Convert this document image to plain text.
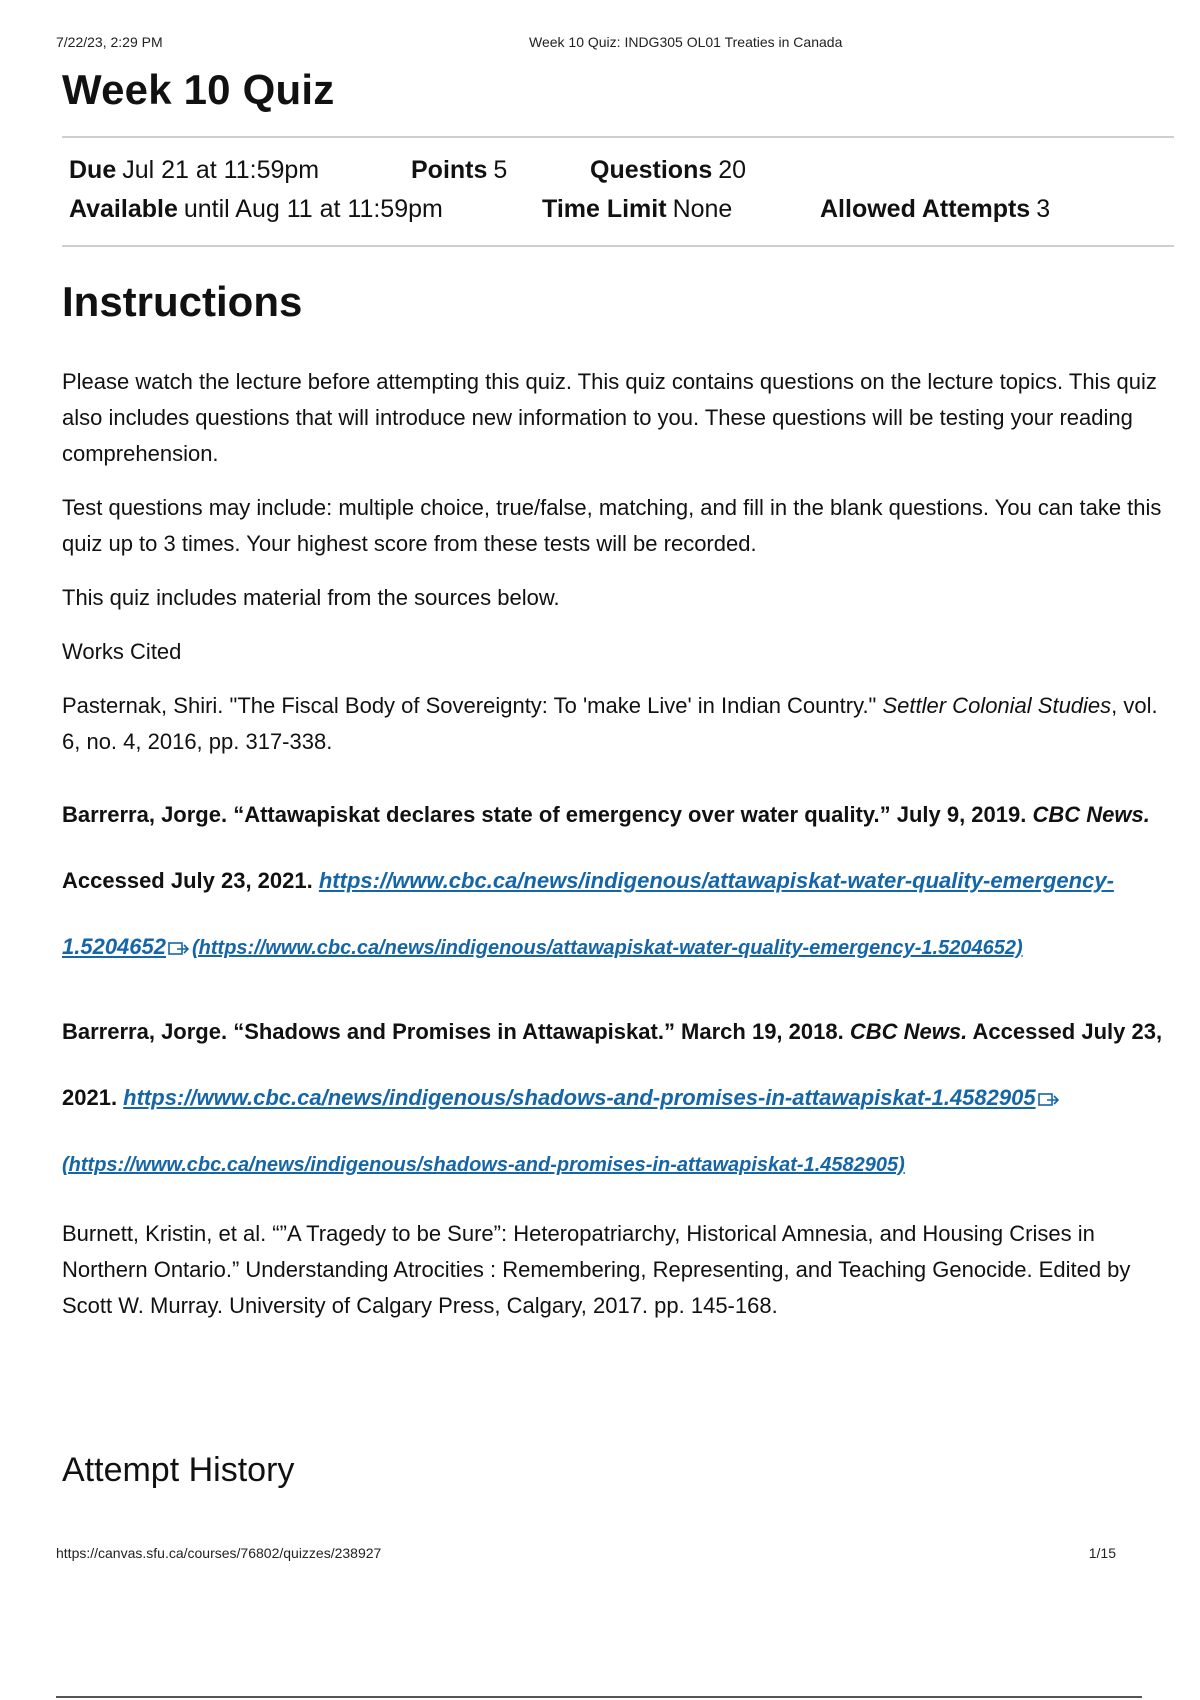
7/22/23, 2:29 PM	Week 10 Quiz: INDG305 OL01 Treaties in Canada
Week 10 Quiz
Due Jul 21 at 11:59pm	Points 5	Questions 20
Available until Aug 11 at 11:59pm	Time Limit None	Allowed Attempts 3
Instructions

Please watch the lecture before attempting this quiz. This quiz contains questions on the lecture topics. This quiz also includes questions that will introduce new information to you. These questions will be testing your reading comprehension.

Test questions may include: multiple choice, true/false, matching, and fill in the blank questions. You can take this quiz up to 3 times. Your highest score from these tests will be recorded.

This quiz includes material from the sources below.

Works Cited

Pasternak, Shiri. "The Fiscal Body of Sovereignty: To 'make Live' in Indian Country." Settler Colonial Studies, vol. 6, no. 4, 2016, pp. 317-338.

Barrerra, Jorge. “Attawapiskat declares state of emergency over water quality.” July 9, 2019. CBC News. Accessed July 23, 2021. https://www.cbc.ca/news/indigenous/attawapiskat-water-quality-emergency-1.5204652 (https://www.cbc.ca/news/indigenous/attawapiskat-water-quality-emergency-1.5204652)

Barrerra, Jorge. “Shadows and Promises in Attawapiskat.” March 19, 2018. CBC News. Accessed July 23, 2021. https://www.cbc.ca/news/indigenous/shadows-and-promises-in-attawapiskat-1.4582905
(https://www.cbc.ca/news/indigenous/shadows-and-promises-in-attawapiskat-1.4582905)

Burnett, Kristin, et al. “”A Tragedy to be Sure”: Heteropatriarchy, Historical Amnesia, and Housing Crises in Northern Ontario.” Understanding Atrocities : Remembering, Representing, and Teaching Genocide. Edited by Scott W. Murray. University of Calgary Press, Calgary, 2017. pp. 145-168.

Attempt History
https://canvas.sfu.ca/courses/76802/quizzes/238927	1/15
